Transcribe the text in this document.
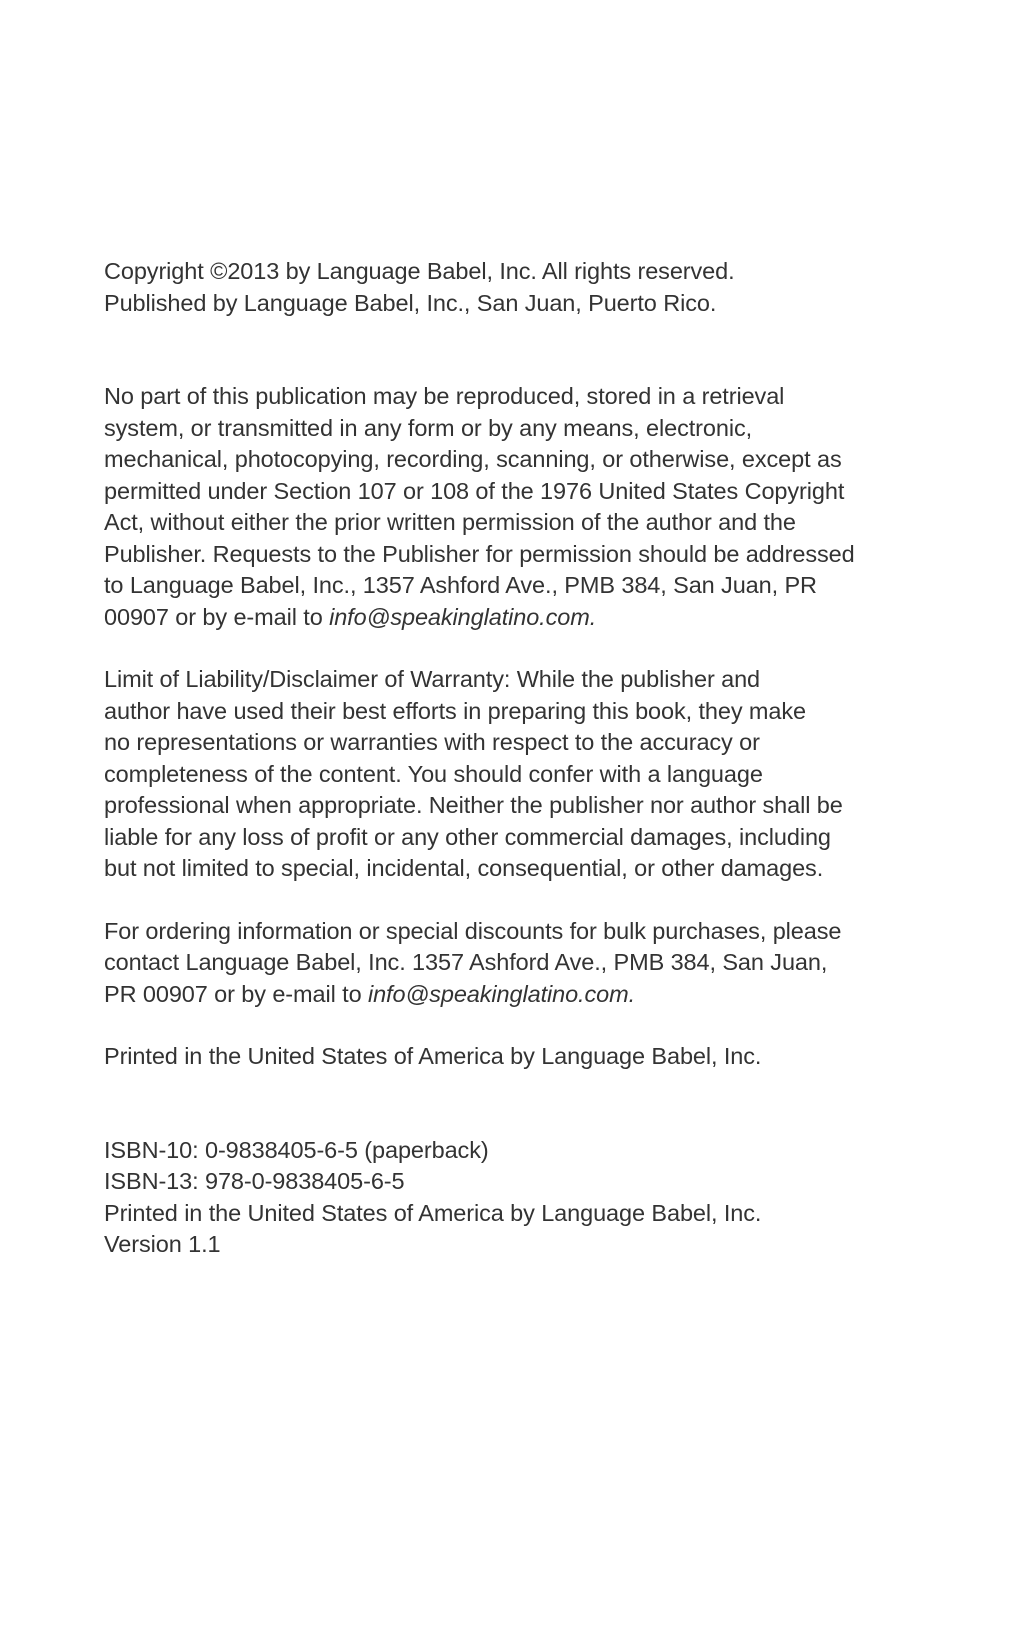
Copyright ©2013 by Language Babel, Inc. All rights reserved.
Published by Language Babel, Inc., San Juan, Puerto Rico.
No part of this publication may be reproduced, stored in a retrieval
system, or transmitted in any form or by any means, electronic,
mechanical, photocopying, recording, scanning, or otherwise, except as
permitted under Section 107 or 108 of the 1976 United States Copyright
Act, without either the prior written permission of the author and the
Publisher. Requests to the Publisher for permission should be addressed
to Language Babel, Inc., 1357 Ashford Ave., PMB 384, San Juan, PR
00907 or by e-mail to info@speakinglatino.com.
Limit of Liability/Disclaimer of Warranty: While the publisher and
author have used their best efforts in preparing this book, they make
no representations or warranties with respect to the accuracy or
completeness of the content. You should confer with a language
professional when appropriate. Neither the publisher nor author shall be
liable for any loss of profit or any other commercial damages, including
but not limited to special, incidental, consequential, or other damages.
For ordering information or special discounts for bulk purchases, please
contact Language Babel, Inc. 1357 Ashford Ave., PMB 384, San Juan,
PR 00907 or by e-mail to info@speakinglatino.com.
Printed in the United States of America by Language Babel, Inc.
ISBN-10: 0-9838405-6-5 (paperback)
ISBN-13: 978-0-9838405-6-5
Printed in the United States of America by Language Babel, Inc.
Version 1.1
